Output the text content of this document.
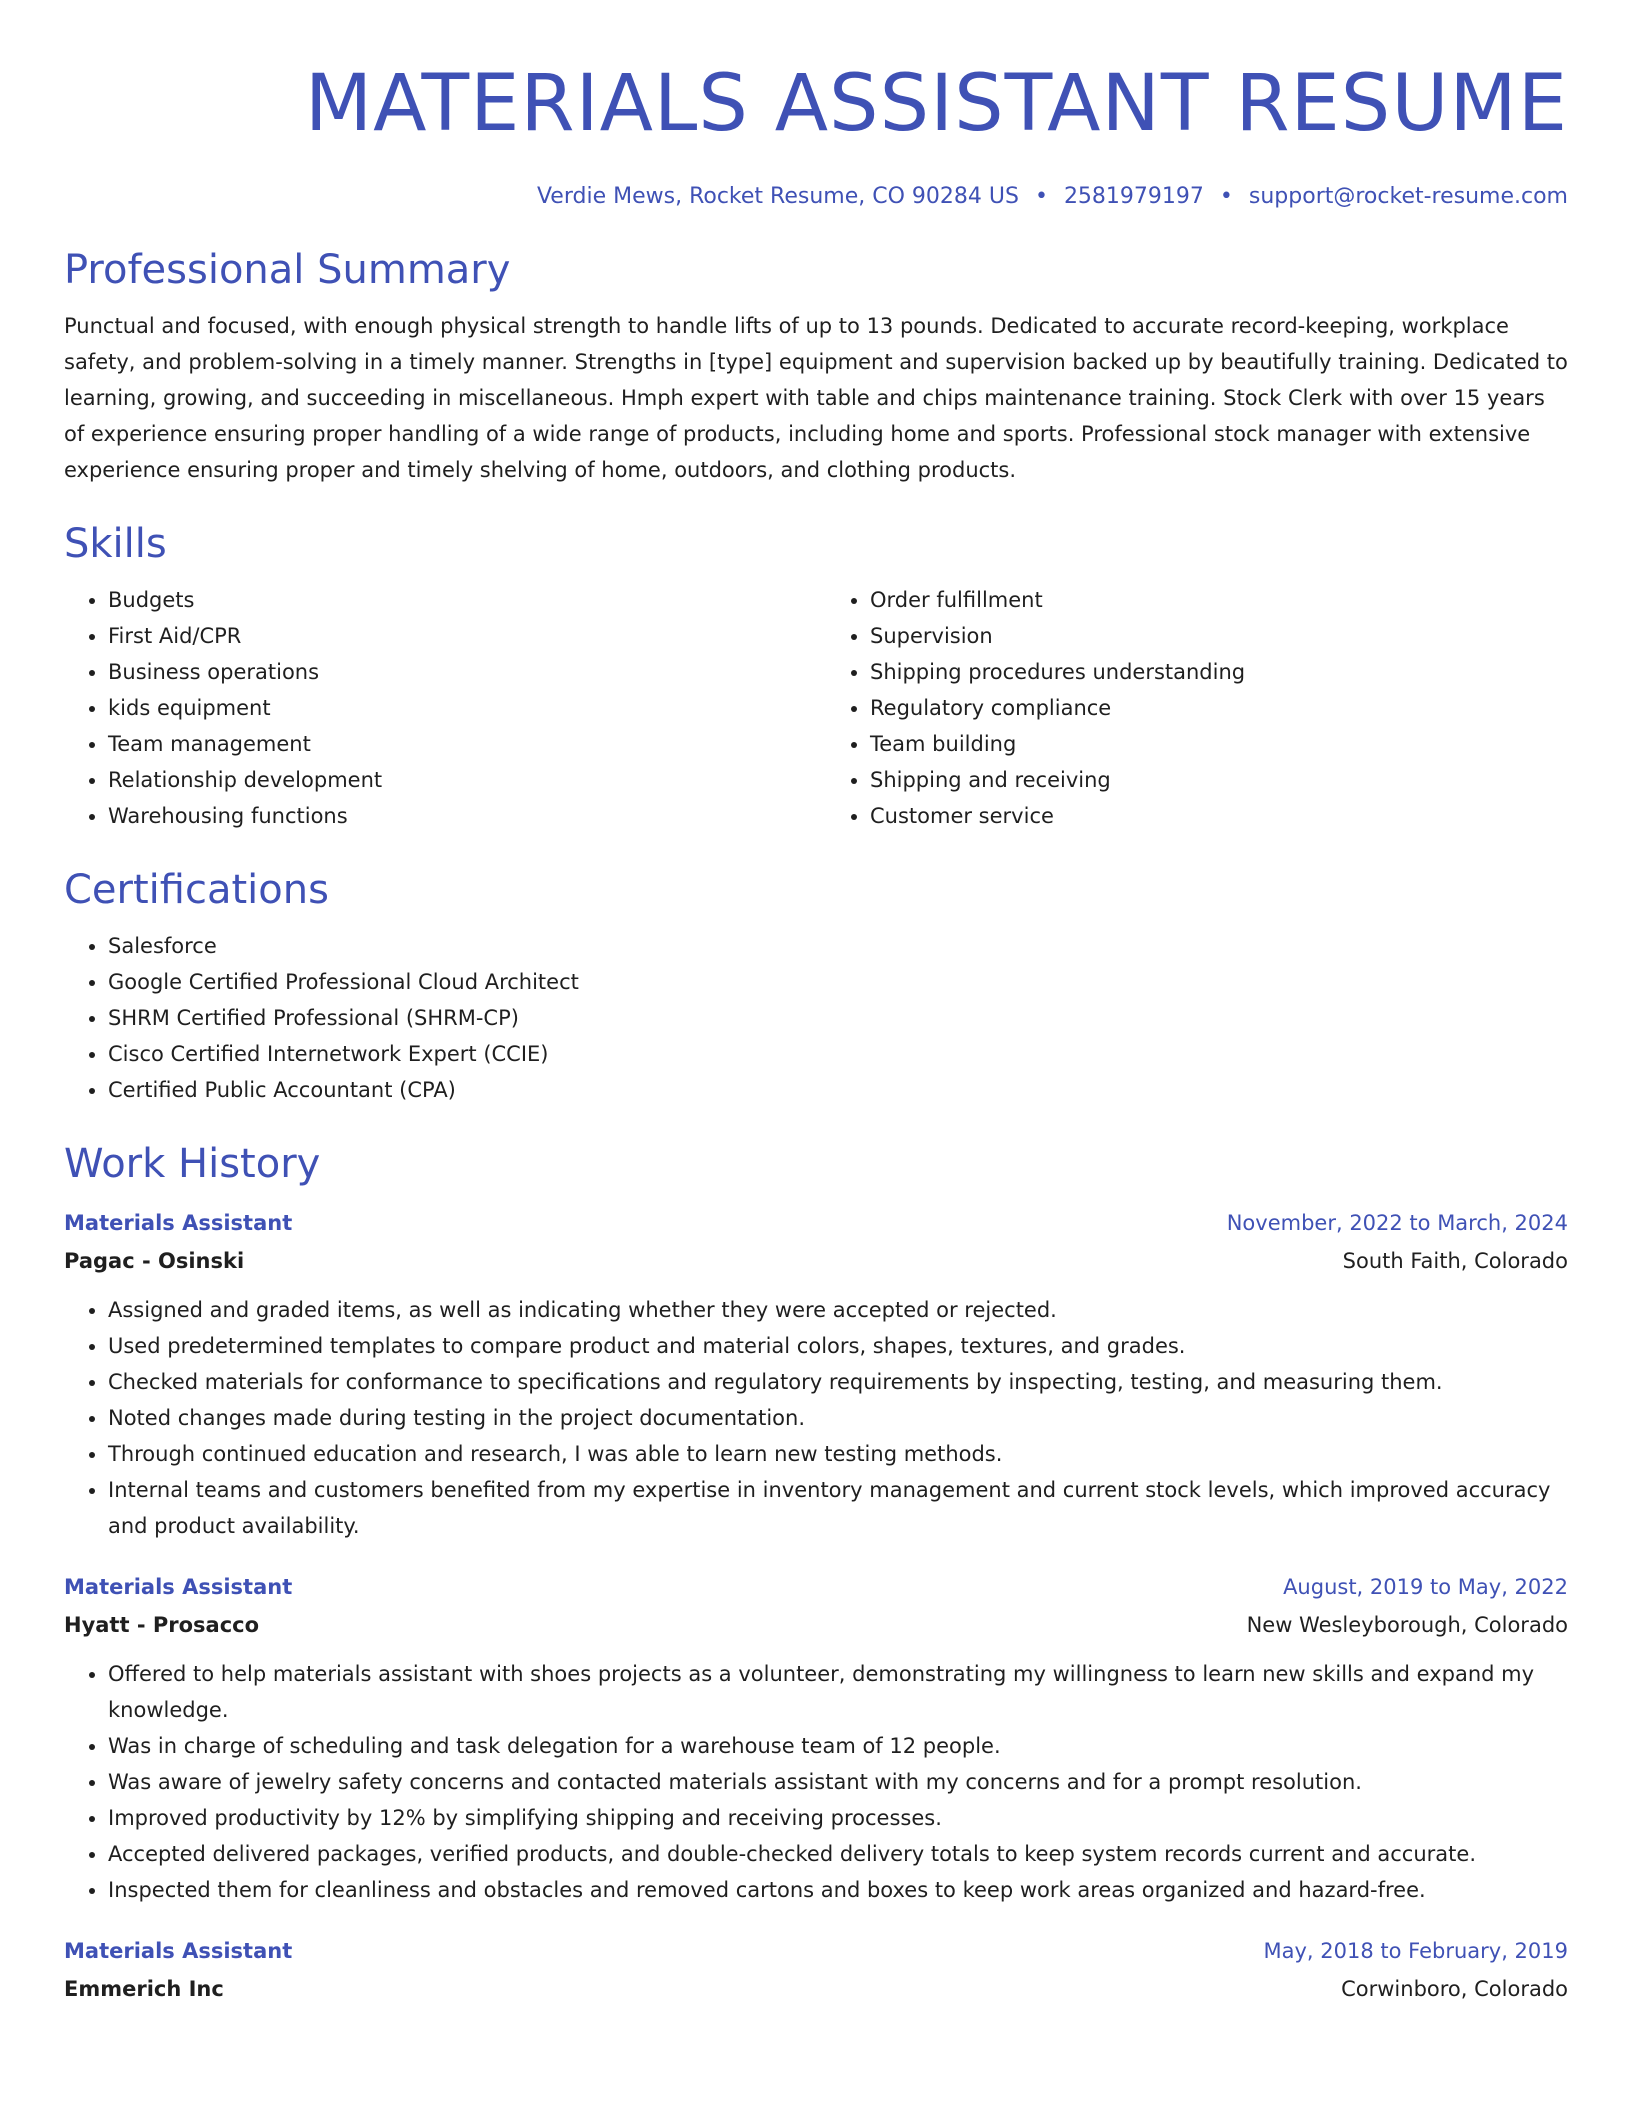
MATERIALS ASSISTANT RESUME
Verdie Mews, Rocket Resume, CO 90284 US • 2581979197 • support@rocket-resume.com
Professional Summary

Punctual and focused, with enough physical strength to handle lifts of up to 13 pounds. Dedicated to accurate record-keeping, workplace safety, and problem-solving in a timely manner. Strengths in [type] equipment and supervision backed up by beautifully training. Dedicated to learning, growing, and succeeding in miscellaneous. Hmph expert with table and chips maintenance training. Stock Clerk with over 15 years of experience ensuring proper handling of a wide range of products, including home and sports. Professional stock manager with extensive experience ensuring proper and timely shelving of home, outdoors, and clothing products.

Skills
• Budgets
• First Aid/CPR
• Business operations
• kids equipment
• Team management
• Relationship development
• Warehousing functions
• Order fulfillment
• Supervision
• Shipping procedures understanding
• Regulatory compliance
• Team building
• Shipping and receiving
• Customer service
Certifications
• Salesforce
• Google Certified Professional Cloud Architect
• SHRM Certified Professional (SHRM-CP)
• Cisco Certified Internetwork Expert (CCIE)
• Certified Public Accountant (CPA)
Work History
Materials Assistant	November, 2022 to March, 2024
Pagac - Osinski	South Faith, Colorado
• Assigned and graded items, as well as indicating whether they were accepted or rejected.
• Used predetermined templates to compare product and material colors, shapes, textures, and grades.
• Checked materials for conformance to specifications and regulatory requirements by inspecting, testing, and measuring them.
• Noted changes made during testing in the project documentation.
• Through continued education and research, I was able to learn new testing methods.
• Internal teams and customers benefited from my expertise in inventory management and current stock levels, which improved accuracy and product availability.
Materials Assistant	August, 2019 to May, 2022
Hyatt - Prosacco	New Wesleyborough, Colorado
• Offered to help materials assistant with shoes projects as a volunteer, demonstrating my willingness to learn new skills and expand my knowledge.
• Was in charge of scheduling and task delegation for a warehouse team of 12 people.
• Was aware of jewelry safety concerns and contacted materials assistant with my concerns and for a prompt resolution.
• Improved productivity by 12% by simplifying shipping and receiving processes.
• Accepted delivered packages, verified products, and double-checked delivery totals to keep system records current and accurate.
• Inspected them for cleanliness and obstacles and removed cartons and boxes to keep work areas organized and hazard-free.
Materials Assistant	May, 2018 to February, 2019
Emmerich Inc	Corwinboro, Colorado
